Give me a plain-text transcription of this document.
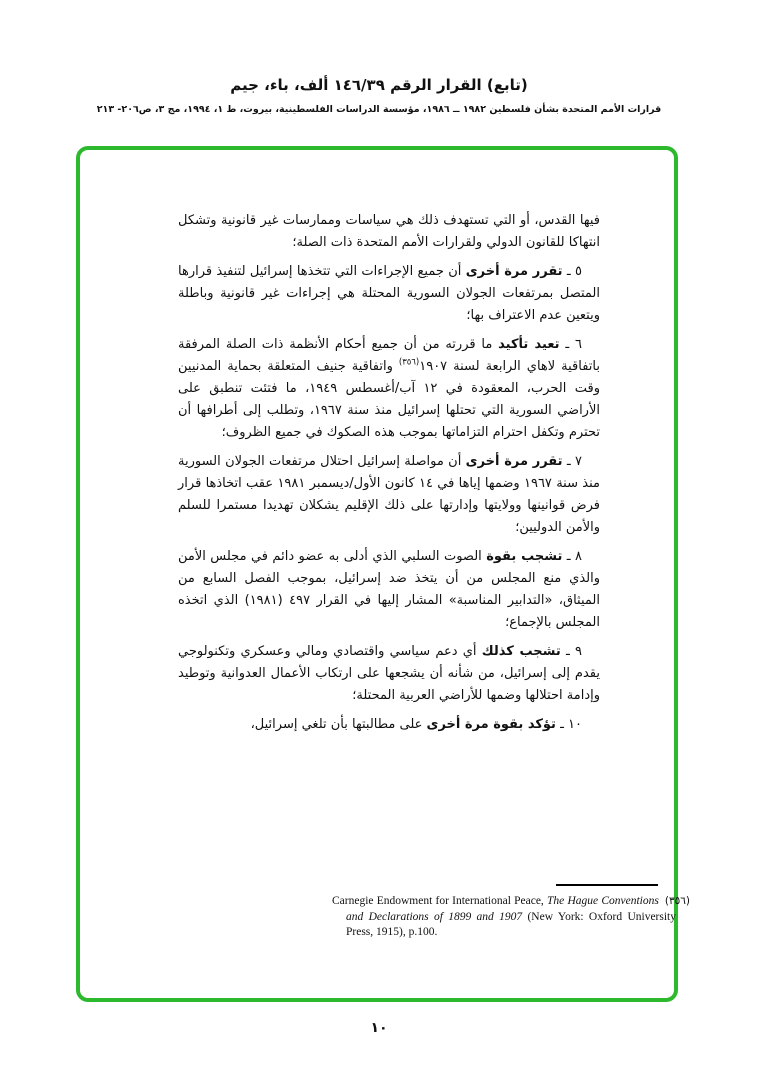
(تابع) القرار الرقم ١٤٦/٣٩ ألف، باء، جيم
قرارات الأمم المتحدة بشأن فلسطين ١٩٨٢ ــ ١٩٨٦، مؤسسة الدراسات الفلسطينية، بيروت، ط ١، ١٩٩٤، مج ٣، ص٢٠٦- ٢١٣

فيها القدس، أو التي تستهدف ذلك هي سياسات وممارسات غير قانونية وتشكل انتهاكا للقانون الدولي ولقرارات الأمم المتحدة ذات الصلة؛

٥ ـ تقرر مرة أخرى أن جميع الإجراءات التي تتخذها إسرائيل لتنفيذ قرارها المتصل بمرتفعات الجولان السورية المحتلة هي إجراءات غير قانونية وباطلة ويتعين عدم الاعتراف بها؛

٦ ـ تعيد تأكيد ما قررته من أن جميع أحكام الأنظمة ذات الصلة المرفقة باتفاقية لاهاي الرابعة لسنة ١٩٠٧$^{(٣٥٦)}$ واتفاقية جنيف المتعلقة بحماية المدنيين وقت الحرب، المعقودة في ١٢ آب/أغسطس ١٩٤٩، ما فتئت تنطبق على الأراضي السورية التي تحتلها إسرائيل منذ سنة ١٩٦٧، وتطلب إلى أطرافها أن تحترم وتكفل احترام التزاماتها بموجب هذه الصكوك في جميع الظروف؛

٧ ـ تقرر مرة أخرى أن مواصلة إسرائيل احتلال مرتفعات الجولان السورية منذ سنة ١٩٦٧ وضمها إياها في ١٤ كانون الأول/ديسمبر ١٩٨١ عقب اتخاذها قرار فرض قوانينها وولايتها وإدارتها على ذلك الإقليم يشكلان تهديدا مستمرا للسلم والأمن الدوليين؛

٨ ـ تشجب بقوة الصوت السلبي الذي أدلى به عضو دائم في مجلس الأمن والذي منع المجلس من أن يتخذ ضد إسرائيل، بموجب الفصل السابع من الميثاق، «التدابير المناسبة» المشار إليها في القرار ٤٩٧ (١٩٨١) الذي اتخذه المجلس بالإجماع؛

٩ ـ تشجب كذلك أي دعم سياسي واقتصادي ومالي وعسكري وتكنولوجي يقدم إلى إسرائيل، من شأنه أن يشجعها على ارتكاب الأعمال العدوانية وتوطيد وإدامة احتلالها وضمها للأراضي العربية المحتلة؛

١٠ ـ تؤكد بقوة مرة أخرى على مطالبتها بأن تلغي إسرائيل،

(٣٥٦)
Carnegie Endowment for International Peace, The Hague Conventions and Declarations of 1899 and 1907 (New York: Oxford University Press, 1915), p.100.
١٠
